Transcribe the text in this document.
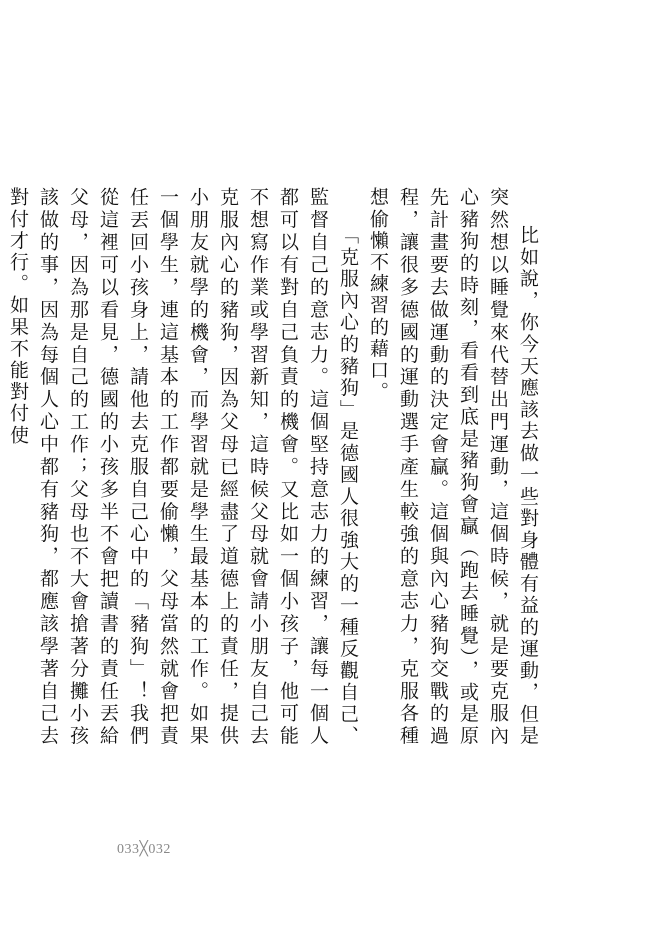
比如說，你今天應該去做一些對身體有益的運動，但是突然想以睡覺來代替出門運動，這個時候，就是要克服內心豬狗的時刻，看看到底是豬狗會贏（跑去睡覺），或是原先計畫要去做運動的決定會贏。這個與內心豬狗交戰的過程，讓很多德國的運動選手產生較強的意志力，克服各種想偷懶不練習的藉口。

「克服內心的豬狗」是德國人很強大的一種反觀自己、監督自己的意志力。這個堅持意志力的練習，讓每一個人都可以有對自己負責的機會。又比如一個小孩子，他可能不想寫作業或學習新知，這時候父母就會請小朋友自己去克服內心的豬狗，因為父母已經盡了道德上的責任，提供小朋友就學的機會，而學習就是學生最基本的工作。如果一個學生，連這基本的工作都要偷懶，父母當然就會把責任丟回小孩身上，請他去克服自己心中的「豬狗」！我們從這裡可以看見，德國的小孩多半不會把讀書的責任丟給父母，因為那是自己的工作；父母也不大會搶著分攤小孩該做的事，因為每個人心中都有豬狗，都應該學著自己去對付才行。如果不能對付使

033╳032
